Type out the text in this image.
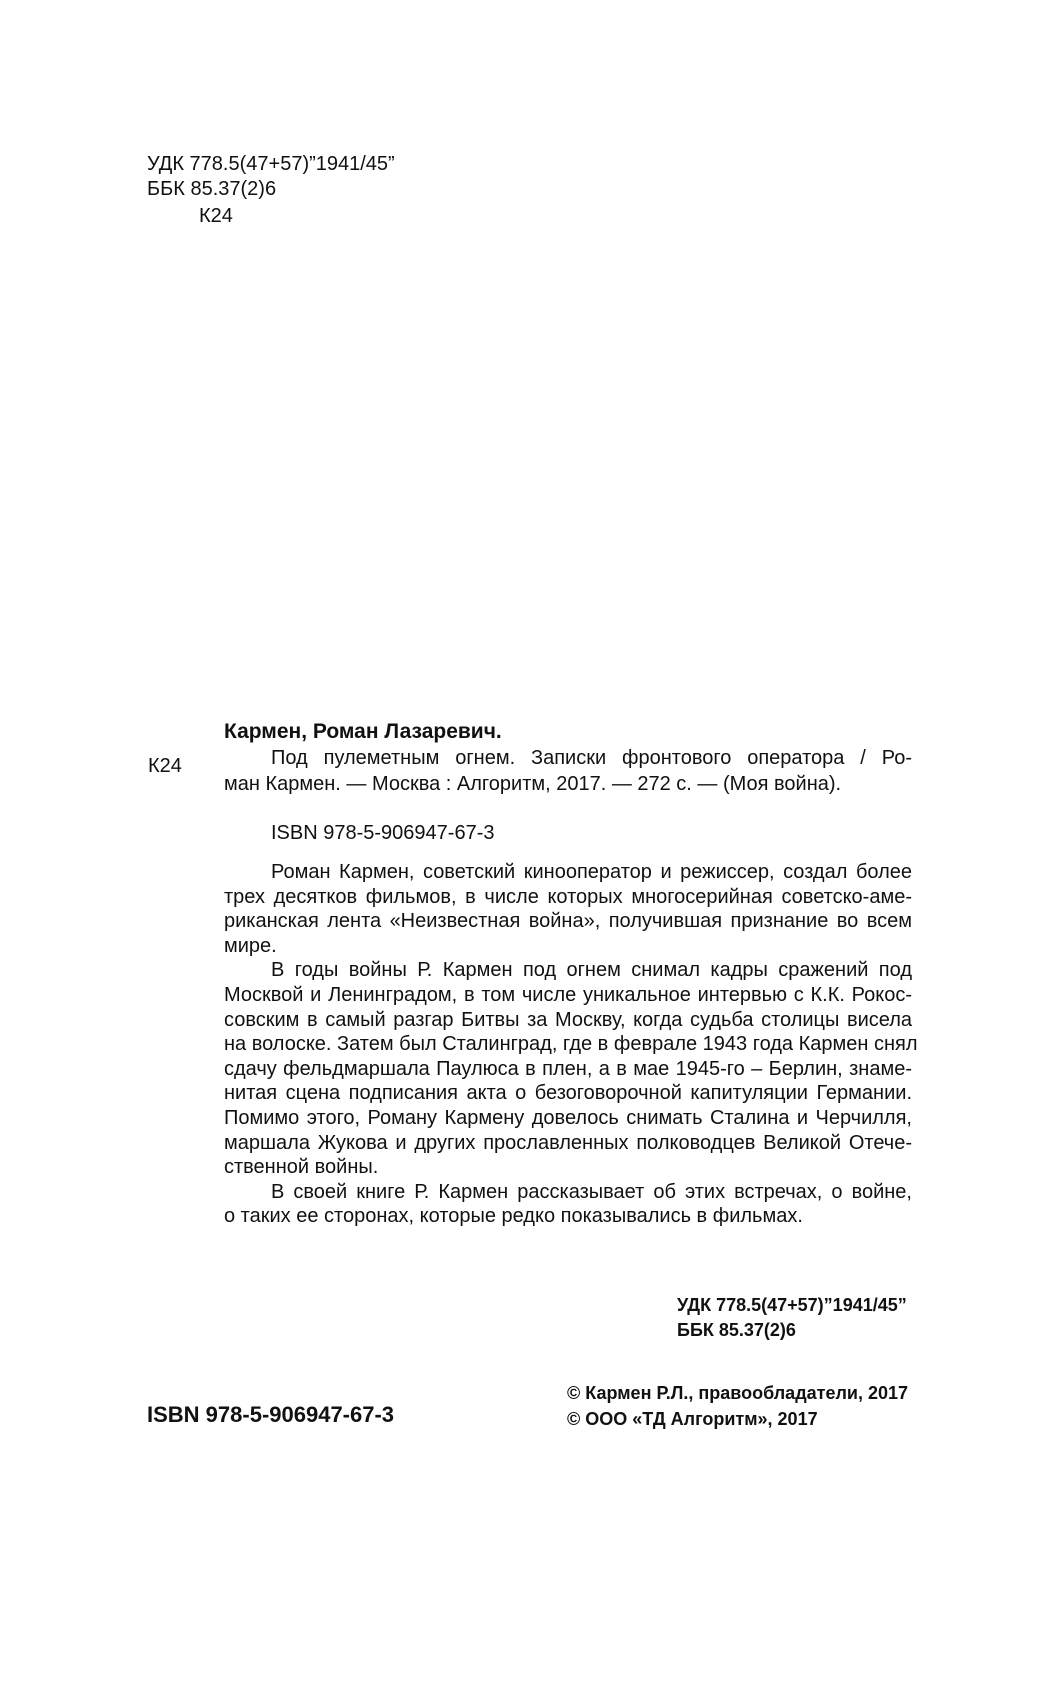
УДК 778.5(47+57)”1941/45”
ББК 85.37(2)6
К24
Кармен, Роман Лазаревич.
К24	Под пулеметным огнем. Записки фронтового оператора / Ро-
ман Кармен. — Москва : Алгоритм, 2017. — 272 с. — (Моя война).
ISBN 978-5-906947-67-3
Роман Кармен, советский кинооператор и режиссер, создал более
трех десятков фильмов, в числе которых многосерийная советско-аме-
риканская лента «Неизвестная война», получившая признание во всем
мире.
В годы войны Р. Кармен под огнем снимал кадры сражений под
Москвой и Ленинградом, в том числе уникальное интервью с К.К. Рокос-
совским в самый разгар Битвы за Москву, когда судьба столицы висела
на волоске. Затем был Сталинград, где в феврале 1943 года Кармен снял
сдачу фельдмаршала Паулюса в плен, а в мае 1945-го – Берлин, знаме-
нитая сцена подписания акта о безоговорочной капитуляции Германии.
Помимо этого, Роману Кармену довелось снимать Сталина и Черчилля,
маршала Жукова и других прославленных полководцев Великой Отече-
ственной войны.
В своей книге Р. Кармен рассказывает об этих встречах, о войне,
о таких ее сторонах, которые редко показывались в фильмах.
УДК 778.5(47+57)”1941/45”
ББК 85.37(2)6
ISBN 978-5-906947-67-3
© Кармен Р.Л., правообладатели, 2017
© ООО «ТД Алгоритм», 2017
